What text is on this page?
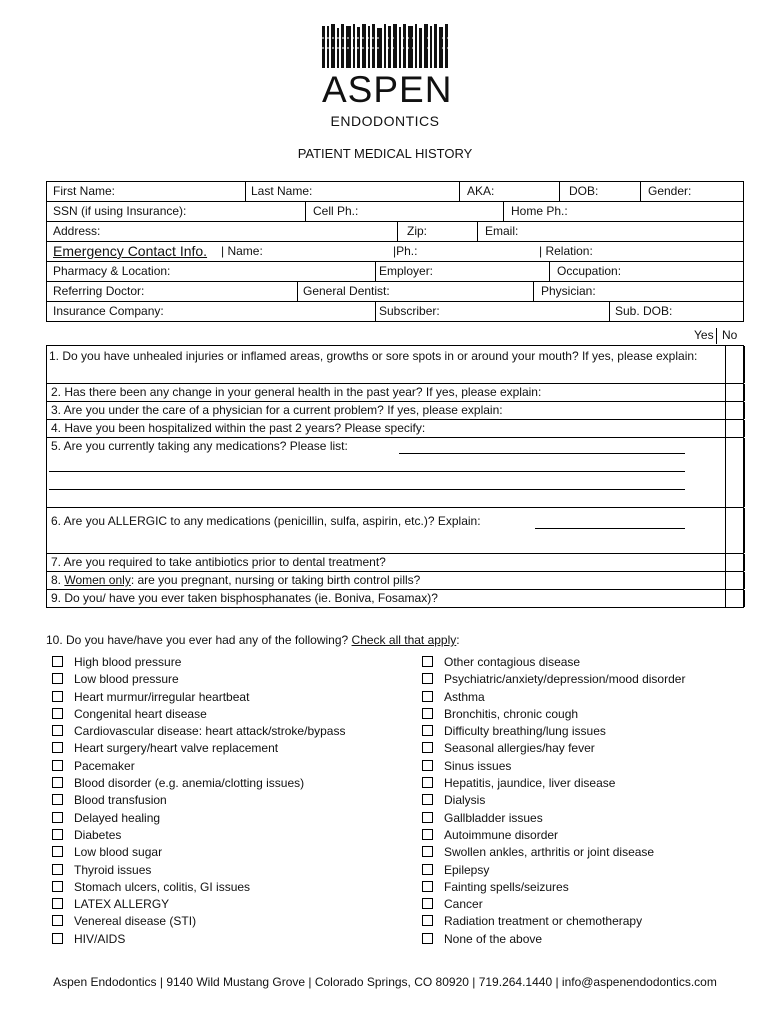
ASPEN
ENDODONTICS
PATIENT MEDICAL HISTORY
First Name:	Last Name:	AKA:	DOB:	Gender:
SSN (if using Insurance):	Cell Ph.:	Home Ph.:
Address:	Zip:	Email:
Emergency Contact Info. | Name:	|Ph.:	| Relation:
Pharmacy & Location:	Employer:	Occupation:
Referring Doctor:	General Dentist:	Physician:
Insurance Company:	Subscriber:	Sub. DOB:
Yes No
1. Do you have unhealed injuries or inflamed areas, growths or sore spots in or around your mouth? If yes, please explain:
2. Has there been any change in your general health in the past year? If yes, please explain:
3. Are you under the care of a physician for a current problem? If yes, please explain:
4. Have you been hospitalized within the past 2 years? Please specify:
5. Are you currently taking any medications? Please list:
6. Are you ALLERGIC to any medications (penicillin, sulfa, aspirin, etc.)? Explain:
7. Are you required to take antibiotics prior to dental treatment?
8. Women only: are you pregnant, nursing or taking birth control pills?
9. Do you/ have you ever taken bisphosphanates (ie. Boniva, Fosamax)?
10. Do you have/have you ever had any of the following? Check all that apply:
High blood pressure
Low blood pressure
Heart murmur/irregular heartbeat
Congenital heart disease
Cardiovascular disease: heart attack/stroke/bypass
Heart surgery/heart valve replacement
Pacemaker
Blood disorder (e.g. anemia/clotting issues)
Blood transfusion
Delayed healing
Diabetes
Low blood sugar
Thyroid issues
Stomach ulcers, colitis, GI issues
LATEX ALLERGY
Venereal disease (STI)
HIV/AIDS
Other contagious disease
Psychiatric/anxiety/depression/mood disorder
Asthma
Bronchitis, chronic cough
Difficulty breathing/lung issues
Seasonal allergies/hay fever
Sinus issues
Hepatitis, jaundice, liver disease
Dialysis
Gallbladder issues
Autoimmune disorder
Swollen ankles, arthritis or joint disease
Epilepsy
Fainting spells/seizures
Cancer
Radiation treatment or chemotherapy
None of the above
Aspen Endodontics | 9140 Wild Mustang Grove | Colorado Springs, CO 80920 | 719.264.1440 | info@aspenendodontics.com
